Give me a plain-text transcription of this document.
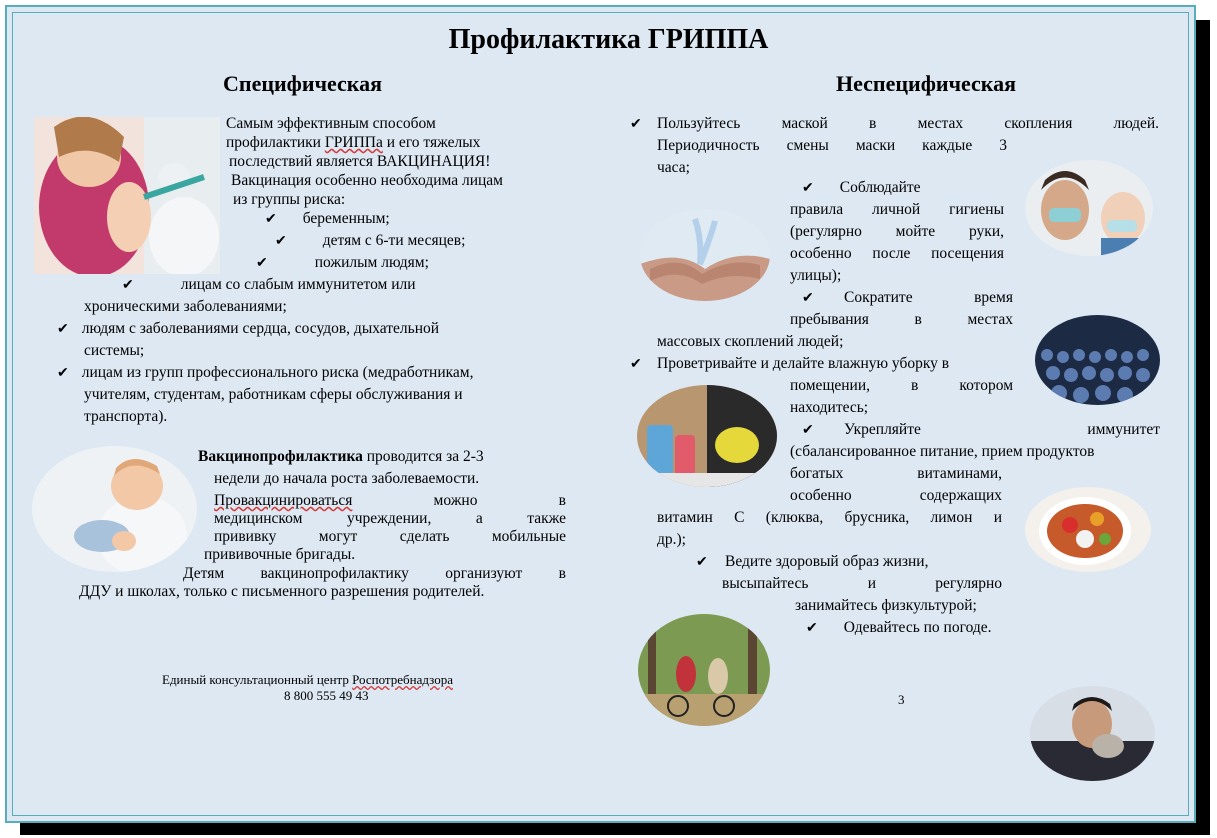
Профилактика ГРИППА
Специфическая
Самым эффективным способом
профилактики ГРИППа и его тяжелых
последствий является ВАКЦИНАЦИЯ!
Вакцинация особенно необходима лицам
из группы риска:
✔ беременным;
✔ детям с 6-ти месяцев;
✔	пожилым людям;
✔	лицам со слабым иммунитетом или
хроническими заболеваниями;
✔ людям с заболеваниями сердца, сосудов, дыхательной
системы;
✔ лицам из групп профессионального риска (медработникам,
учителям, студентам, работникам сферы обслуживания и
транспорта).
Вакцинопрофилактика проводится за 2-3
недели до начала роста заболеваемости.
Провакцинироваться	можно	в
медицинском учреждении, а также
прививку могут сделать мобильные
прививочные бригады.
Детям вакцинопрофилактику организуют в
ДДУ и школах, только с письменного разрешения родителей.
Единый консультационный центр Роспотребнадзора
8 800 555 49 43
Неспецифическая
✔ Пользуйтесь маской в местах скопления людей.
Периодичность смены маски каждые 3
часа;
✔ Соблюдайте
правила личной гигиены
(регулярно мойте руки,
особенно после посещения
улицы);
✔ Сократите время
пребывания в местах
массовых скоплений людей;
✔ Проветривайте и делайте влажную уборку в
помещении, в котором
находитесь;
✔ Укрепляйте иммунитет
(сбалансированное питание, прием продуктов
богатых витаминами,
особенно содержащих
витамин С (клюква, брусника, лимон и
др.);
✔ Ведите здоровый образ жизни,
высыпайтесь и регулярно
занимайтесь физкультурой;
✔ Одевайтесь по погоде.
3
